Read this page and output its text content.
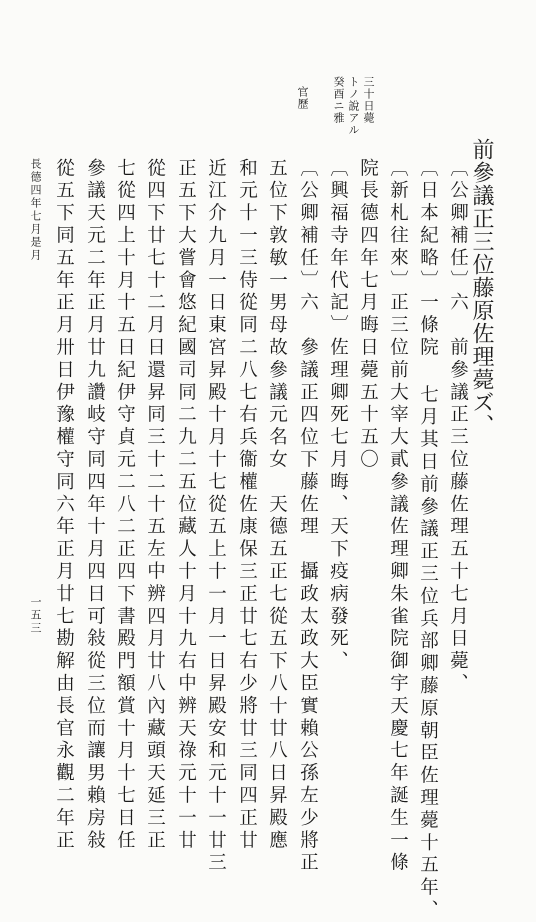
前參議正三位藤原佐理薨ズ、
三十日薨
トノ說アル
癸酉ニ雅
官歷
〔公卿補任〕六　前參議正三位藤佐理五十七月日薨、
〔日本紀略〕一條院 七月其日前參議正三位兵部卿藤原朝臣佐理薨十五年、
〔新札往來〕正三位前大宰大貳參議佐理卿朱雀院御宇天慶七年誕生一條
院長德四年七月晦日薨五十五〇
〔興福寺年代記〕佐理卿死七月晦、天下疫病發死、
〔公卿補任〕六　參議正四位下藤佐理　攝政太政大臣實賴公孫左少將正
五位下敦敏一男母故參議元名女　天德五正七從五下八十廿八日昇殿應
和元十一三侍從同二八七右兵衞權佐康保三正廿七右少將廿三同四正廿
近江介九月一日東宮昇殿十月十七從五上十一月一日昇殿安和元十一廿三
正五下大嘗會悠紀國司同二九二五位藏人十月十九右中辨天祿元十一廿
從四下廿七十二月日還昇同三十二十五左中辨四月廿八內藏頭天延三正
七從四上十月十五日紀伊守貞元二八二正四下書殿門額賞十月十七日任
參議天元二年正月廿九讚岐守同四年十月四日可敍從三位而讓男賴房敍
從五下同五年正月卅日伊豫權守同六年正月廿七勘解由長官永觀二年正
長德四年七月是月
一五三
